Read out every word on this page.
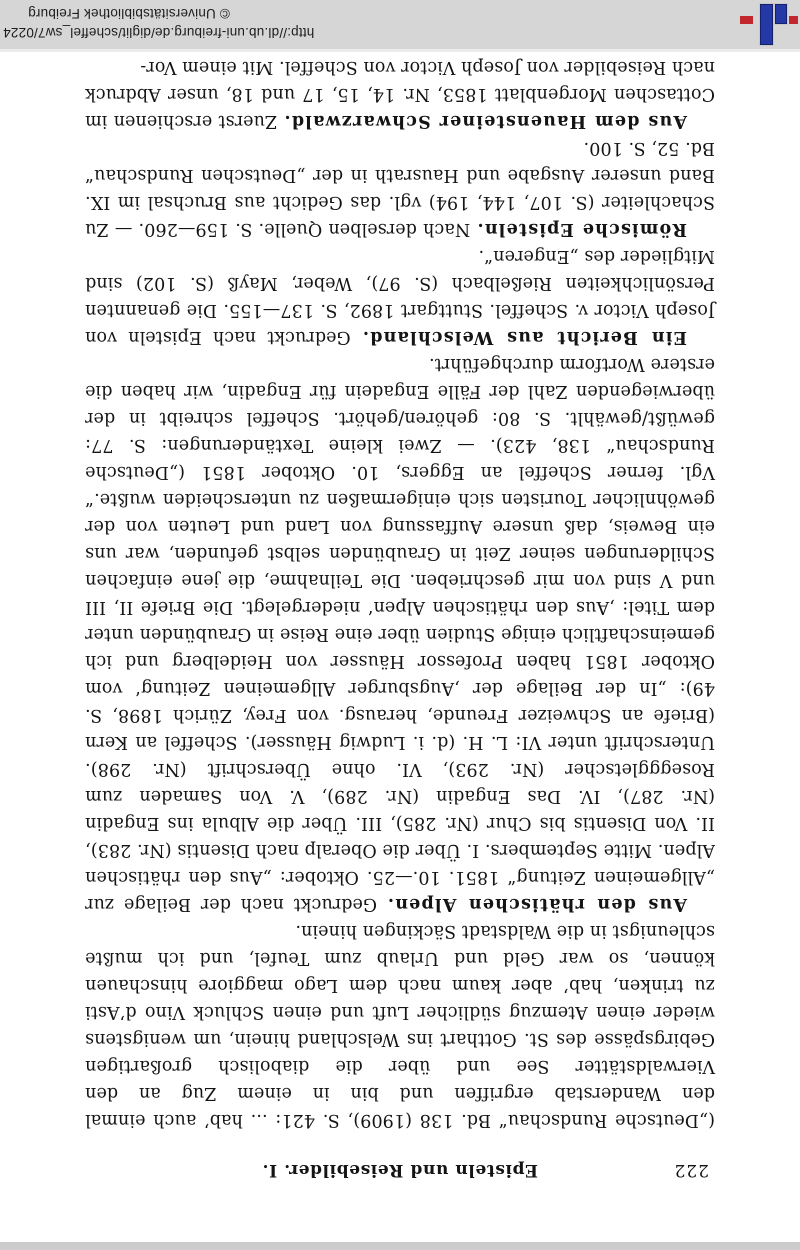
© Universitätsbibliothek Freiburg
http://dl.ub.uni-freiburg.de/diglit/scheffel_sw7/0224
222
Episteln und Reisebilder. I.

(„Deutsche Rundschau“ Bd. 138 (1909), S. 421: ... hab’ auch einmal den Wanderstab ergriffen und bin in einem Zug an den Vierwaldstätter See und über die diabolisch großartigen Gebirgspässe des St. Gotthart ins Welschland hinein, um wenigstens wieder einen Atemzug südlicher Luft und einen Schluck Vino d’Asti zu trinken, hab’ aber kaum nach dem Lago maggiore hinschauen können, so war Geld und Urlaub zum Teufel, und ich mußte schleunigst in die Waldstadt Säckingen hinein.

Aus den rhätischen Alpen. Gedruckt nach der Beilage zur „Allgemeinen Zeitung“ 1851. 10.—25. Oktober: „Aus den rhätischen Alpen. Mitte Septembers. I. Über die Oberalp nach Disentis (Nr. 283), II. Von Disentis bis Chur (Nr. 285), III. Über die Albula ins Engadin (Nr. 287), IV. Das Engadin (Nr. 289), V. Von Samaden zum Rosegggletscher (Nr. 293), VI. ohne Überschrift (Nr. 298). Unterschrift unter VI: L. H. (d. i. Ludwig Häusser). Scheffel an Kern (Briefe an Schweizer Freunde, herausg. von Frey, Zürich 1898, S. 49): „In der Beilage der ‚Augsburger Allgemeinen Zeitung‘ vom Oktober 1851 haben Professor Häusser von Heidelberg und ich gemeinschaftlich einige Studien über eine Reise in Graubünden unter dem Titel: ‚Aus den rhätischen Alpen‘ niedergelegt. Die Briefe II, III und V sind von mir geschrieben. Die Teilnahme, die jene einfachen Schilderungen seiner Zeit in Graubünden selbst gefunden, war uns ein Beweis, daß unsere Auffassung von Land und Leuten von der gewöhnlicher Touristen sich einigermaßen zu unterscheiden wußte.“ Vgl. ferner Scheffel an Eggers, 10. Oktober 1851 („Deutsche Rundschau“ 138, 423). — Zwei kleine Textänderungen: S. 77: gewüßt/gewählt. S. 80: gehören/gehört. Scheffel schreibt in der überwiegenden Zahl der Fälle Engadein für Engadin, wir haben die erstere Wortform durchgeführt.

Ein Bericht aus Welschland. Gedruckt nach Episteln von Joseph Victor v. Scheffel. Stuttgart 1892, S. 137—155. Die genannten Persönlichkeiten Rießelbach (S. 97), Weber, Mayß (S. 102) sind Mitglieder des „Engeren“.

Römische Episteln. Nach derselben Quelle. S. 159—260. — Zu Schachleiter (S. 107, 144, 194) vgl. das Gedicht aus Bruchsal im IX. Band unserer Ausgabe und Hausrath in der „Deutschen Rundschau“ Bd. 52, S. 100.

Aus dem Hauensteiner Schwarzwald. Zuerst erschienen im Cottaschen Morgenblatt 1853, Nr. 14, 15, 17 und 18, unser Abdruck nach Reisebilder von Joseph Victor von Scheffel. Mit einem Vor-
